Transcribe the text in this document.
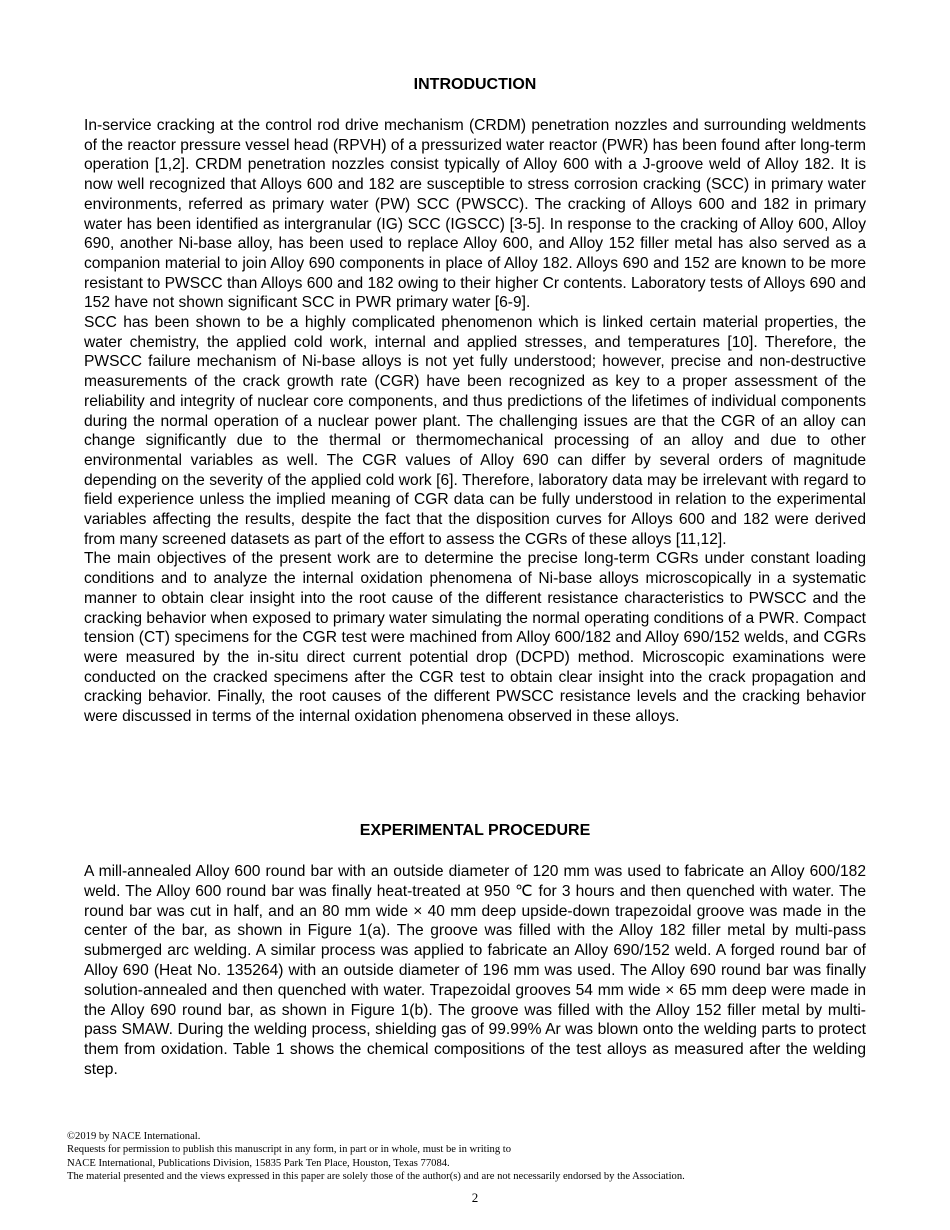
INTRODUCTION

In-service cracking at the control rod drive mechanism (CRDM) penetration nozzles and surrounding weldments of the reactor pressure vessel head (RPVH) of a pressurized water reactor (PWR) has been found after long-term operation [1,2]. CRDM penetration nozzles consist typically of Alloy 600 with a J-groove weld of Alloy 182. It is now well recognized that Alloys 600 and 182 are susceptible to stress corrosion cracking (SCC) in primary water environments, referred as primary water (PW) SCC (PWSCC). The cracking of Alloys 600 and 182 in primary water has been identified as intergranular (IG) SCC (IGSCC) [3-5]. In response to the cracking of Alloy 600, Alloy 690, another Ni-base alloy, has been used to replace Alloy 600, and Alloy 152 filler metal has also served as a companion material to join Alloy 690 components in place of Alloy 182. Alloys 690 and 152 are known to be more resistant to PWSCC than Alloys 600 and 182 owing to their higher Cr contents. Laboratory tests of Alloys 690 and 152 have not shown significant SCC in PWR primary water [6-9].

SCC has been shown to be a highly complicated phenomenon which is linked certain material properties, the water chemistry, the applied cold work, internal and applied stresses, and temperatures [10]. Therefore, the PWSCC failure mechanism of Ni-base alloys is not yet fully understood; however, precise and non-destructive measurements of the crack growth rate (CGR) have been recognized as key to a proper assessment of the reliability and integrity of nuclear core components, and thus predictions of the lifetimes of individual components during the normal operation of a nuclear power plant. The challenging issues are that the CGR of an alloy can change significantly due to the thermal or thermomechanical processing of an alloy and due to other environmental variables as well. The CGR values of Alloy 690 can differ by several orders of magnitude depending on the severity of the applied cold work [6]. Therefore, laboratory data may be irrelevant with regard to field experience unless the implied meaning of CGR data can be fully understood in relation to the experimental variables affecting the results, despite the fact that the disposition curves for Alloys 600 and 182 were derived from many screened datasets as part of the effort to assess the CGRs of these alloys [11,12].

The main objectives of the present work are to determine the precise long-term CGRs under constant loading conditions and to analyze the internal oxidation phenomena of Ni-base alloys microscopically in a systematic manner to obtain clear insight into the root cause of the different resistance characteristics to PWSCC and the cracking behavior when exposed to primary water simulating the normal operating conditions of a PWR. Compact tension (CT) specimens for the CGR test were machined from Alloy 600/182 and Alloy 690/152 welds, and CGRs were measured by the in-situ direct current potential drop (DCPD) method. Microscopic examinations were conducted on the cracked specimens after the CGR test to obtain clear insight into the crack propagation and cracking behavior. Finally, the root causes of the different PWSCC resistance levels and the cracking behavior were discussed in terms of the internal oxidation phenomena observed in these alloys.

EXPERIMENTAL PROCEDURE

A mill-annealed Alloy 600 round bar with an outside diameter of 120 mm was used to fabricate an Alloy 600/182 weld. The Alloy 600 round bar was finally heat-treated at 950 ℃ for 3 hours and then quenched with water. The round bar was cut in half, and an 80 mm wide × 40 mm deep upside-down trapezoidal groove was made in the center of the bar, as shown in Figure 1(a). The groove was filled with the Alloy 182 filler metal by multi-pass submerged arc welding. A similar process was applied to fabricate an Alloy 690/152 weld. A forged round bar of Alloy 690 (Heat No. 135264) with an outside diameter of 196 mm was used. The Alloy 690 round bar was finally solution-annealed and then quenched with water. Trapezoidal grooves 54 mm wide × 65 mm deep were made in the Alloy 690 round bar, as shown in Figure 1(b). The groove was filled with the Alloy 152 filler metal by multi-pass SMAW. During the welding process, shielding gas of 99.99% Ar was blown onto the welding parts to protect them from oxidation. Table 1 shows the chemical compositions of the test alloys as measured after the welding step.

©2019 by NACE International.
Requests for permission to publish this manuscript in any form, in part or in whole, must be in writing to
NACE International, Publications Division, 15835 Park Ten Place, Houston, Texas 77084.
The material presented and the views expressed in this paper are solely those of the author(s) and are not necessarily endorsed by the Association.
2
